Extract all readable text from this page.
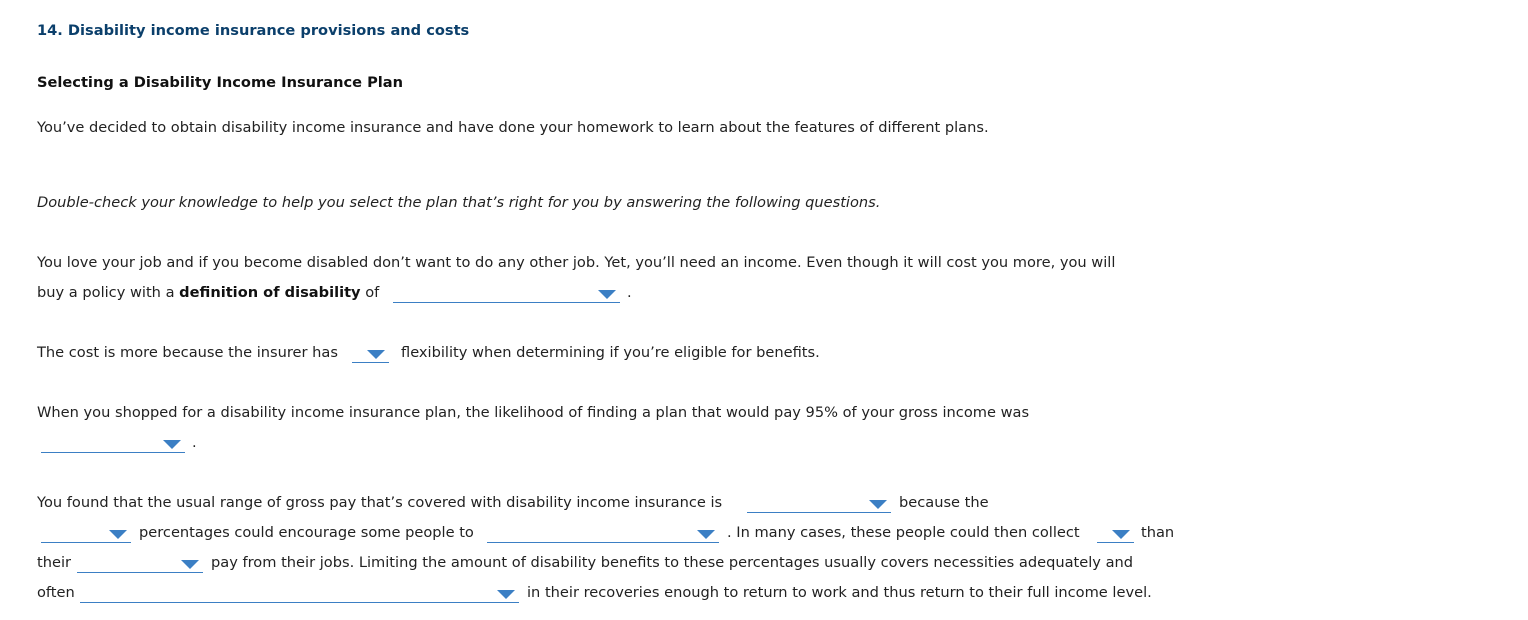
14. Disability income insurance provisions and costs
Selecting a Disability Income Insurance Plan
You’ve decided to obtain disability income insurance and have done your homework to learn about the features of different plans.
Double-check your knowledge to help you select the plan that’s right for you by answering the following questions.
You love your job and if you become disabled don’t want to do any other job. Yet, you’ll need an income. Even though it will cost you more, you will
buy a policy with a definition of disability of	.
The cost is more because the insurer has	flexibility when determining if you’re eligible for benefits.
When you shopped for a disability income insurance plan, the likelihood of finding a plan that would pay 95% of your gross income was
.
You found that the usual range of gross pay that’s covered with disability income insurance is	because the
percentages could encourage some people to	. In many cases, these people could then collect	than
their	pay from their jobs. Limiting the amount of disability benefits to these percentages usually covers necessities adequately and
often	in their recoveries enough to return to work and thus return to their full income level.
